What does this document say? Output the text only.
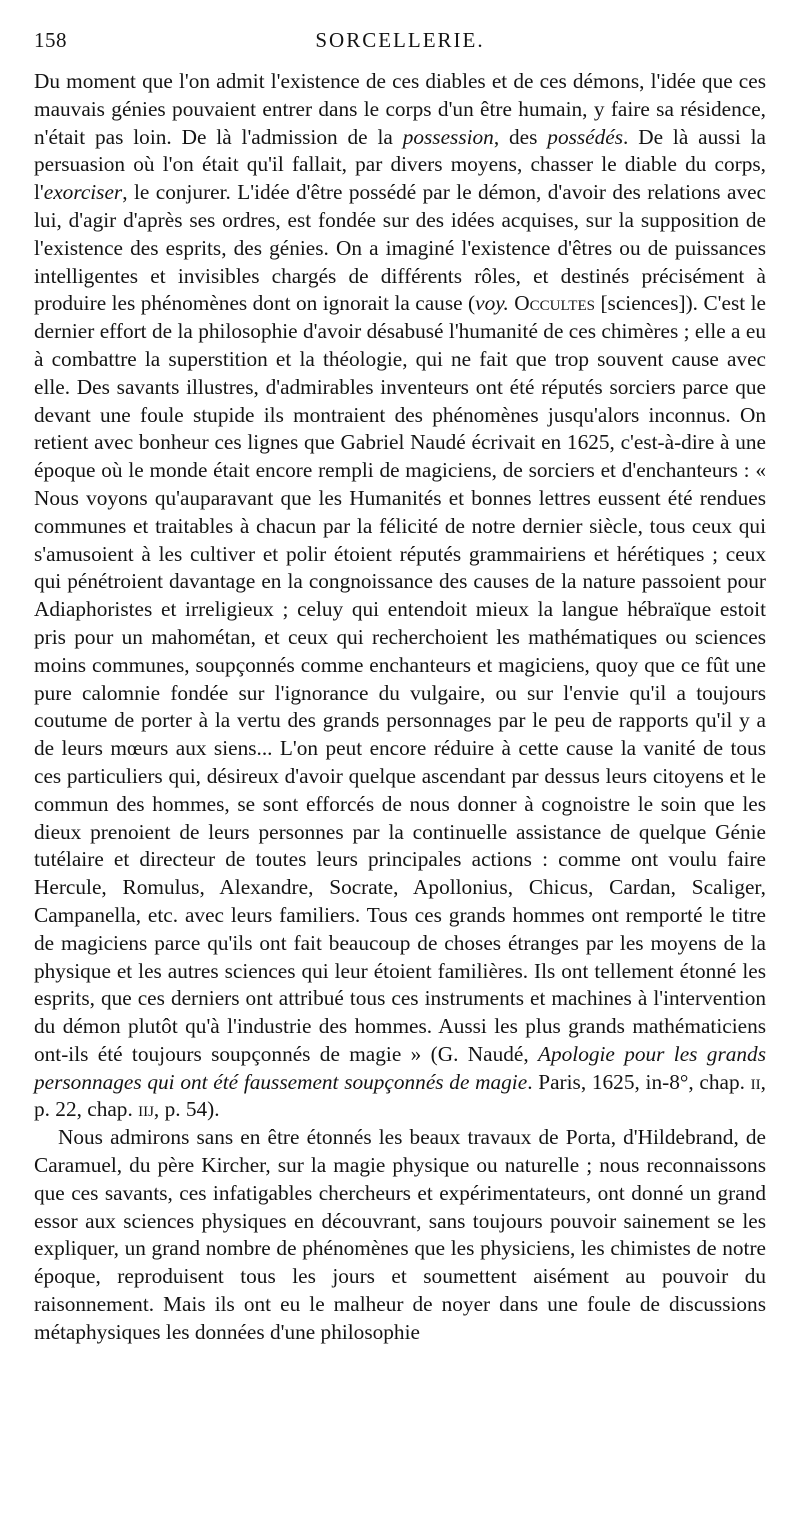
158	SORCELLERIE.

Du moment que l'on admit l'existence de ces diables et de ces démons, l'idée que ces mauvais génies pouvaient entrer dans le corps d'un être humain, y faire sa résidence, n'était pas loin. De là l'admission de la possession, des possédés. De là aussi la persuasion où l'on était qu'il fallait, par divers moyens, chasser le diable du corps, l'exorciser, le conjurer. L'idée d'être possédé par le démon, d'avoir des relations avec lui, d'agir d'après ses ordres, est fondée sur des idées acquises, sur la supposition de l'existence des esprits, des génies. On a imaginé l'existence d'êtres ou de puissances intelligentes et invisibles chargés de différents rôles, et destinés précisément à produire les phénomènes dont on ignorait la cause (voy. Occultes [sciences]). C'est le dernier effort de la philosophie d'avoir désabusé l'humanité de ces chimères ; elle a eu à combattre la superstition et la théologie, qui ne fait que trop souvent cause avec elle. Des savants illustres, d'admirables inventeurs ont été réputés sorciers parce que devant une foule stupide ils montraient des phénomènes jusqu'alors inconnus. On retient avec bonheur ces lignes que Gabriel Naudé écrivait en 1625, c'est-à-dire à une époque où le monde était encore rempli de magiciens, de sorciers et d'enchanteurs : « Nous voyons qu'auparavant que les Humanités et bonnes lettres eussent été rendues communes et traitables à chacun par la félicité de notre dernier siècle, tous ceux qui s'amusoient à les cultiver et polir étoient réputés grammairiens et hérétiques ; ceux qui pénétroient davantage en la congnoissance des causes de la nature passoient pour Adiaphoristes et irreligieux ; celuy qui entendoit mieux la langue hébraïque estoit pris pour un mahométan, et ceux qui recherchoient les mathématiques ou sciences moins communes, soupçonnés comme enchanteurs et magiciens, quoy que ce fût une pure calomnie fondée sur l'ignorance du vulgaire, ou sur l'envie qu'il a toujours coutume de porter à la vertu des grands personnages par le peu de rapports qu'il y a de leurs mœurs aux siens... L'on peut encore réduire à cette cause la vanité de tous ces particuliers qui, désireux d'avoir quelque ascendant par dessus leurs citoyens et le commun des hommes, se sont efforcés de nous donner à cognoistre le soin que les dieux prenoient de leurs personnes par la continuelle assistance de quelque Génie tutélaire et directeur de toutes leurs principales actions : comme ont voulu faire Hercule, Romulus, Alexandre, Socrate, Apollonius, Chicus, Cardan, Scaliger, Campanella, etc. avec leurs familiers. Tous ces grands hommes ont remporté le titre de magiciens parce qu'ils ont fait beaucoup de choses étranges par les moyens de la physique et les autres sciences qui leur étoient familières. Ils ont tellement étonné les esprits, que ces derniers ont attribué tous ces instruments et machines à l'intervention du démon plutôt qu'à l'industrie des hommes. Aussi les plus grands mathématiciens ont-ils été toujours soupçonnés de magie » (G. Naudé, Apologie pour les grands personnages qui ont été faussement soupçonnés de magie. Paris, 1625, in-8°, chap. ii, p. 22, chap. iij, p. 54).

Nous admirons sans en être étonnés les beaux travaux de Porta, d'Hildebrand, de Caramuel, du père Kircher, sur la magie physique ou naturelle ; nous reconnaissons que ces savants, ces infatigables chercheurs et expérimentateurs, ont donné un grand essor aux sciences physiques en découvrant, sans toujours pouvoir sainement se les expliquer, un grand nombre de phénomènes que les physiciens, les chimistes de notre époque, reproduisent tous les jours et soumettent aisément au pouvoir du raisonnement. Mais ils ont eu le malheur de noyer dans une foule de discussions métaphysiques les données d'une philosophie
